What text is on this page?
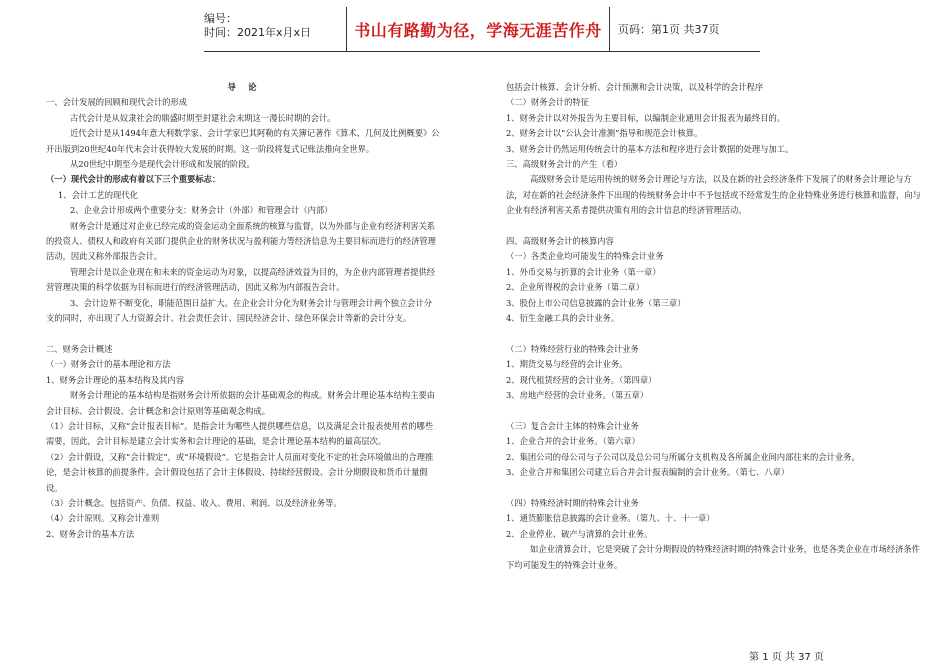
编号：
时间：2021年x月x日	书山有路勤为径，学海无涯苦作舟	页码：第1页 共37页

导　论

一、会计发展的回顾和现代会计的形成

古代会计是从奴隶社会的鼎盛时期至封建社会末期这一漫长时期的会计。

近代会计是从1494年意大利数学家、会计学家巴其阿勒的有关簿记著作《算术、几何及比例概要》公开出版到20世纪40年代末会计获得较大发展的时期。这一阶段将复式记账法推向全世界。

从20世纪中期至今是现代会计形成和发展的阶段。

（一）现代会计的形成有着以下三个重要标志：

1、会计工艺的现代化

2、企业会计形成两个重要分支：财务会计（外部）和管理会计（内部）

财务会计是通过对企业已经完成的资金运动全面系统的核算与监督，以为外部与企业有经济利害关系的投资人、债权人和政府有关部门提供企业的财务状况与盈利能力等经济信息为主要目标而进行的经济管理活动，因此又称外部报告会计。

管理会计是以企业现在和未来的资金运动为对象，以提高经济效益为目的，为企业内部管理者提供经营管理决策的科学依据为目标而进行的经济管理活动，因此又称为内部报告会计。

3、会计边界不断变化，职能范围日益扩大。在企业会计分化为财务会计与管理会计两个独立会计分支的同时，亦出现了人力资源会计、社会责任会计、国民经济会计、绿色环保会计等新的会计分支。

二、财务会计概述

（一）财务会计的基本理论和方法

1、财务会计理论的基本结构及其内容

财务会计理论的基本结构是指财务会计所依据的会计基础观念的构成。财务会计理论基本结构主要由会计目标、会计假设、会计概念和会计原则等基础观念构成。

（1）会计目标，又称“会计报表目标”。是指会计为哪些人提供哪些信息，以及满足会计报表使用者的哪些需要，因此，会计目标是建立会计实务和会计理论的基础，是会计理论基本结构的最高层次。

（2）会计假设，又称“会计假定”，或“环境假设”。它是指会计人员面对变化不定的社会环境做出的合理推论，是会计核算的前提条件。会计假设包括了会计主体假设、持续经营假设、会计分期假设和货币计量假设。

（3）会计概念。包括资产、负债、权益、收入、费用、利润、以及经济业务等。

（4）会计原则。又称会计准则

2、财务会计的基本方法

包括会计核算、会计分析、会计预测和会计决策，以及科学的会计程序

（二）财务会计的特征

1、财务会计以对外报告为主要目标，以编制企业通用会计报表为最终目的。

2、财务会计以“公认会计准测”指导和规范会计核算。

3、财务会计仍然运用传统会计的基本方法和程序进行会计数据的处理与加工。

三、高级财务会计的产生（看）

高级财务会计是运用传统的财务会计理论与方法，以及在新的社会经济条件下发展了的财务会计理论与方法，对在新的社会经济条件下出现的传统财务会计中不予包括或不经常发生的企业特殊业务进行核算和监督，向与企业有经济利害关系者提供决策有用的会计信息的经济管理活动。

四、高级财务会计的核算内容

（一）各类企业均可能发生的特殊会计业务

1、外币交易与折算的会计业务（第一章）

2、企业所得税的会计业务（第二章）

3、股份上市公司信息披露的会计业务（第三章）

4、衍生金融工具的会计业务。

（二）特殊经营行业的特殊会计业务

1、期货交易与经营的会计业务。

2、现代租赁经营的会计业务。（第四章）

3、房地产经营的会计业务。（第五章）

（三）复合会计主体的特殊会计业务

1、企业合并的会计业务。（第六章）

2、集团公司的母公司与子公司以及总公司与所属分支机构及各所属企业间内部往来的会计业务。

3、企业合并和集团公司建立后合并会计报表编制的会计业务。（第七、八章）

（四）特殊经济时期的特殊会计业务

1、通货膨胀信息披露的会计业务。（第九、十、十一章）

2、企业停业、破产与清算的会计业务。

如企业清算会计，它是突破了会计分期假设的特殊经济时期的特殊会计业务，也是各类企业在市场经济条件下均可能发生的特殊会计业务。

第 1 页 共 37 页
